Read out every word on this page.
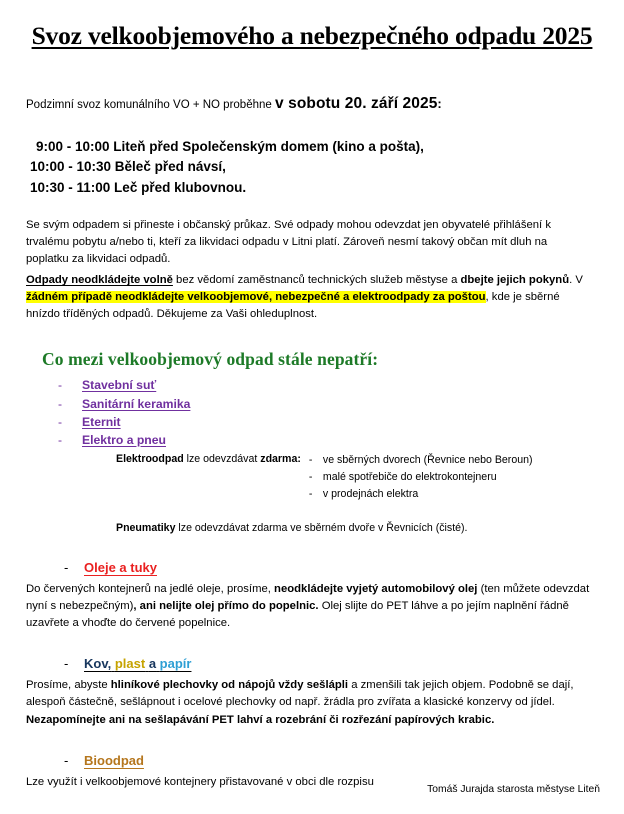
Svoz velkoobjemového a nebezpečného odpadu 2025

Podzimní svoz komunálního VO + NO proběhne v sobotu 20. září 2025:

9:00 - 10:00 Liteň před Společenským domem (kino a pošta),
10:00 - 10:30 Běleč před návsí,
10:30 - 11:00 Leč před klubovnou.

Se svým odpadem si přineste i občanský průkaz. Své odpady mohou odevzdat jen obyvatelé přihlášení k trvalému pobytu a/nebo ti, kteří za likvidaci odpadu v Litni platí. Zároveň nesmí takový občan mít dluh na poplatku za likvidaci odpadů.

Odpady neodkládejte volně bez vědomí zaměstnanců technických služeb městyse a dbejte jejich pokynů. V žádném případě neodkládejte velkoobjemové, nebezpečné a elektroodpady za poštou, kde je sběrné hnízdo tříděných odpadů. Děkujeme za Vaši ohleduplnost.

Co mezi velkoobjemový odpad stále nepatří:
- Stavební suť
- Sanitární keramika
- Eternit
- Elektro a pneu
Elektroodpad lze odevzdávat zdarma: - ve sběrných dvorech (Řevnice nebo Beroun)
- malé spotřebiče do elektrokontejneru
- v prodejnách elektra
Pneumatiky lze odevzdávat zdarma ve sběrném dvoře v Řevnicích (čisté).
- Oleje a tuky

Do červených kontejnerů na jedlé oleje, prosíme, neodkládejte vyjetý automobilový olej (ten můžete odevzdat nyní s nebezpečným), ani nelijte olej přímo do popelnic. Olej slijte do PET láhve a po jejím naplnění řádně uzavřete a vhoďte do červené popelnice.

- Kov, plast a papír

Prosíme, abyste hliníkové plechovky od nápojů vždy sešlápli a zmenšili tak jejich objem. Podobně se dají, alespoň částečně, sešlápnout i ocelové plechovky od např. žrádla pro zvířata a klasické konzervy od jídel. Nezapomínejte ani na sešlapávání PET lahví a rozebrání či rozřezání papírových krabic.

- Bioodpad

Lze využít i velkoobjemové kontejnery přistavované v obci dle rozpisu

Tomáš Jurajda starosta městyse Liteň
